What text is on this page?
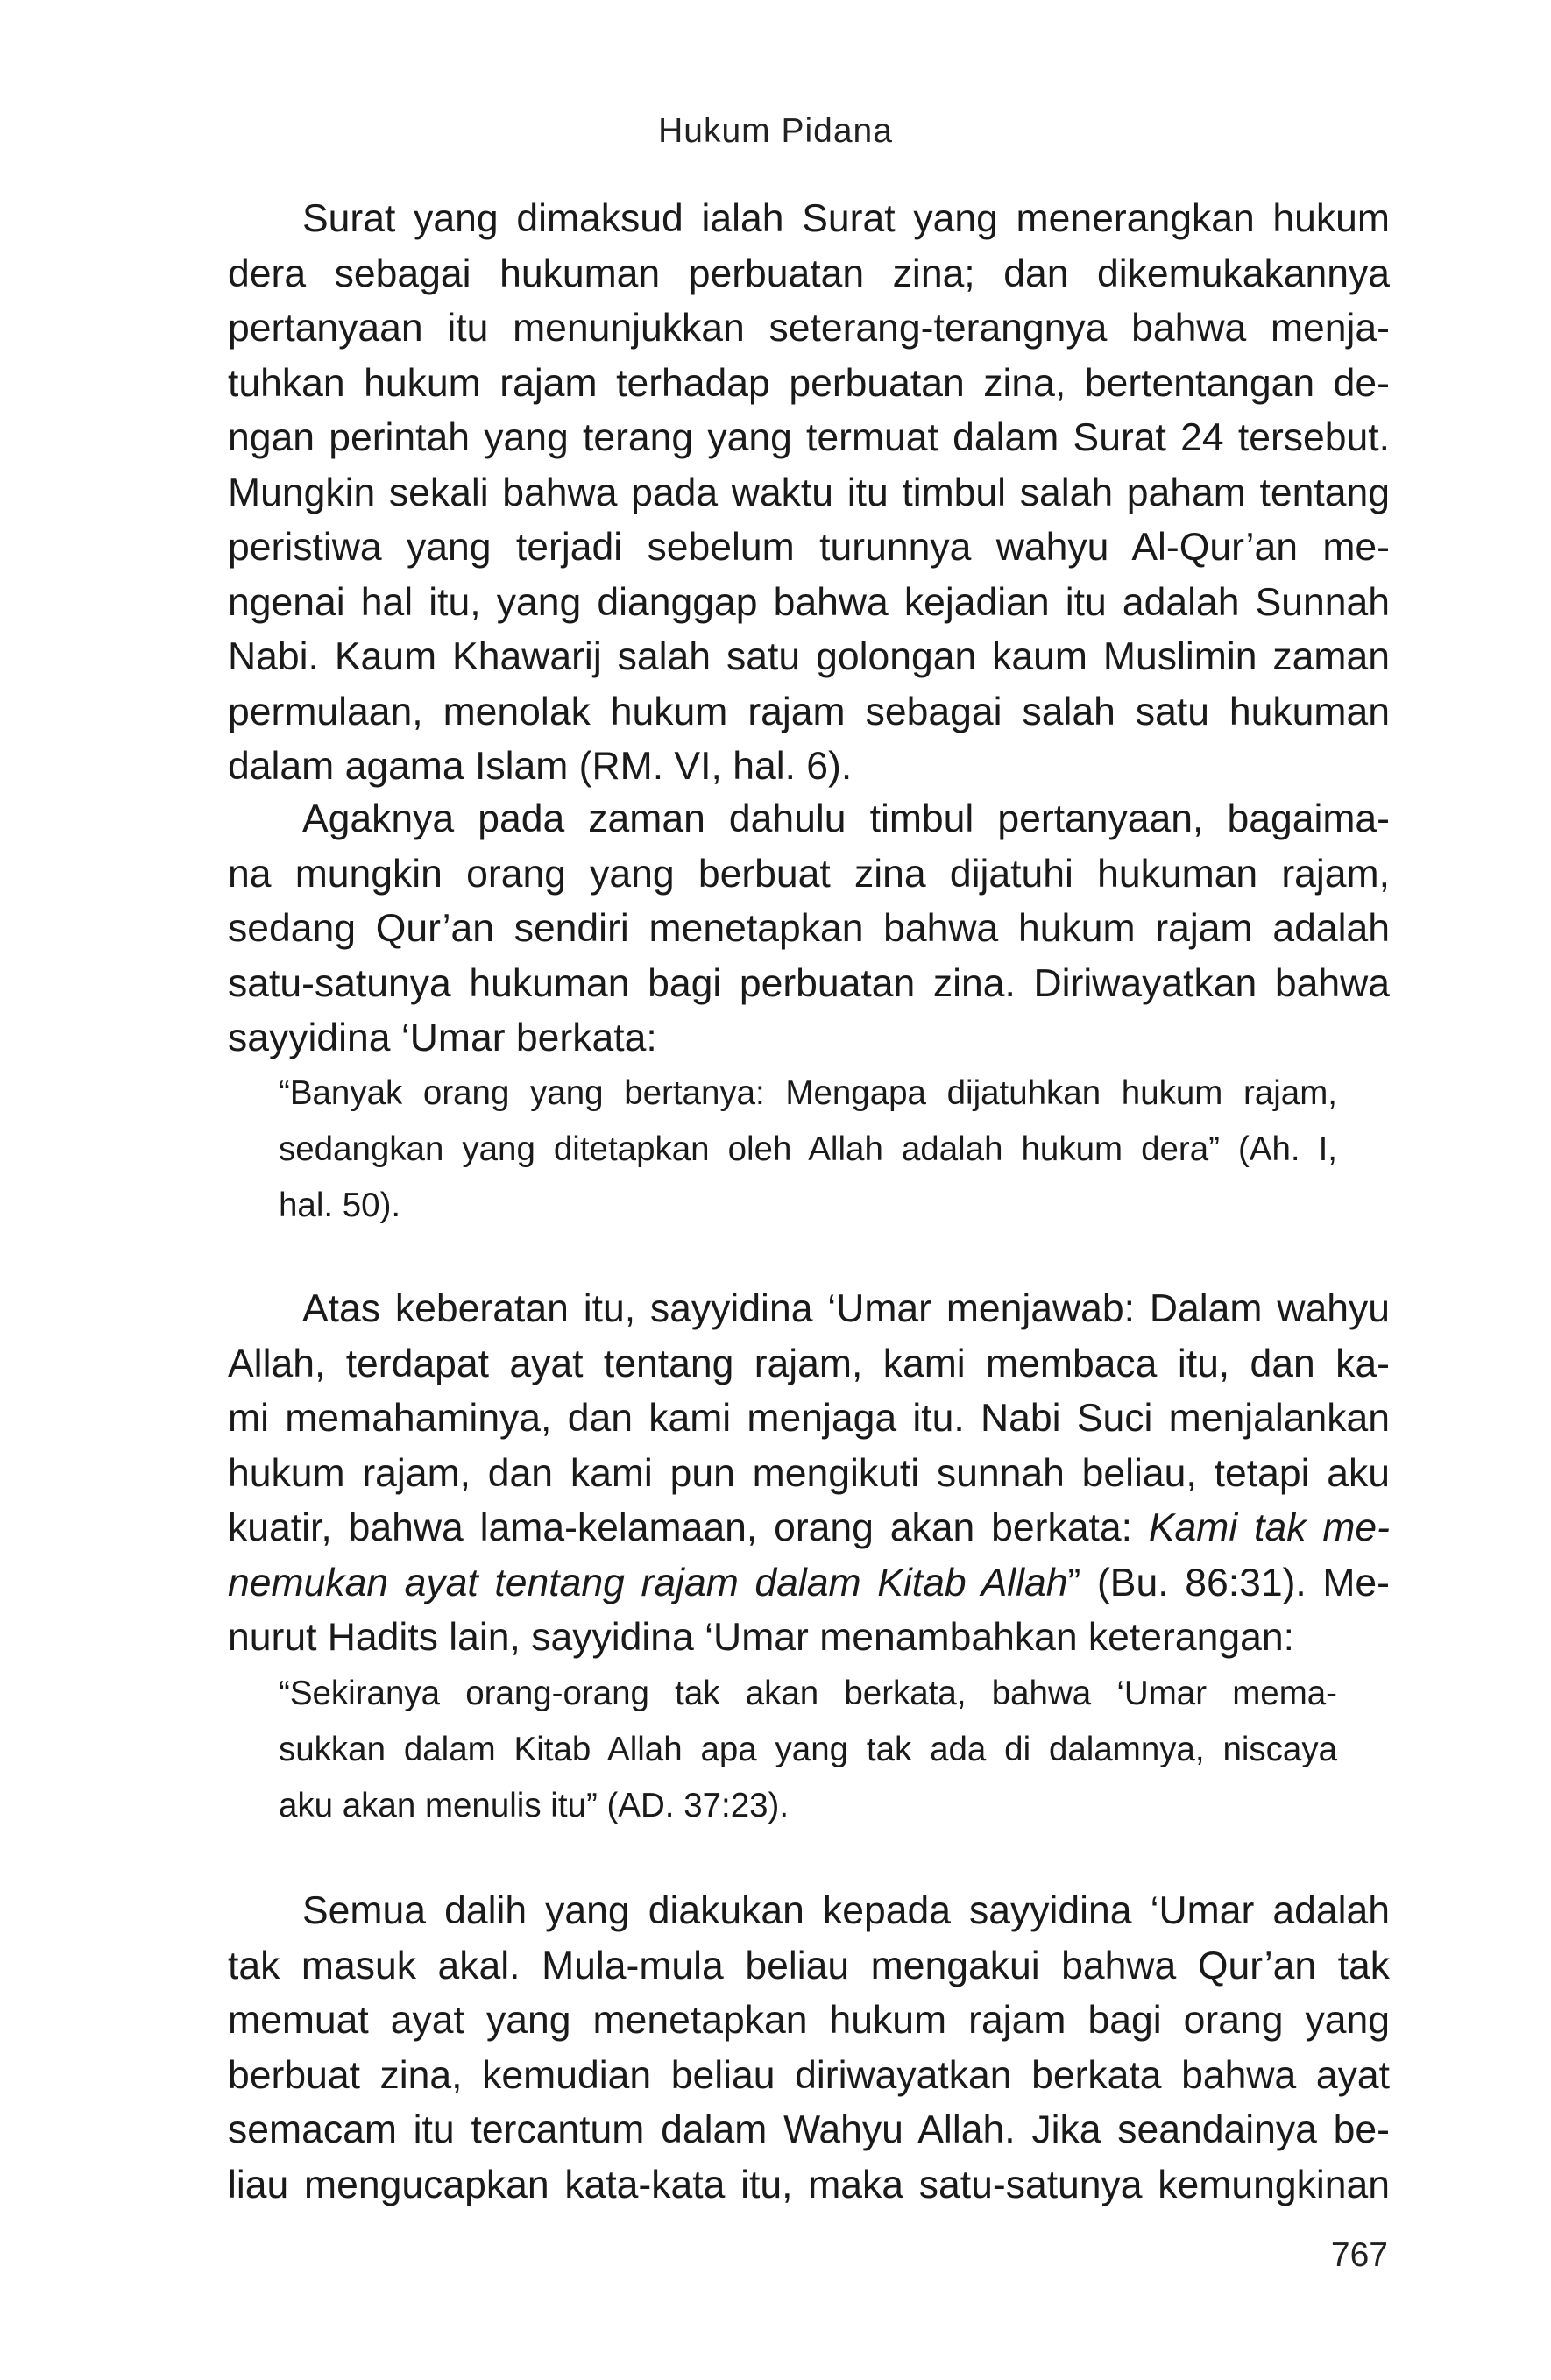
Hukum Pidana

Surat yang dimaksud ialah Surat yang menerangkan hukum
dera sebagai hukuman perbuatan zina; dan dikemukakannya
pertanyaan itu menunjukkan seterang-terangnya bahwa menja-
tuhkan hukum rajam terhadap perbuatan zina, bertentangan de-
ngan perintah yang terang yang termuat dalam Surat 24 tersebut.
Mungkin sekali bahwa pada waktu itu timbul salah paham tentang
peristiwa yang terjadi sebelum turunnya wahyu Al-Qur’an me-
ngenai hal itu, yang dianggap bahwa kejadian itu adalah Sunnah
Nabi. Kaum Khawarij salah satu golongan kaum Muslimin zaman
permulaan, menolak hukum rajam sebagai salah satu hukuman
dalam agama Islam (RM. VI, hal. 6).

Agaknya pada zaman dahulu timbul pertanyaan, bagaima-
na mungkin orang yang berbuat zina dijatuhi hukuman rajam,
sedang Qur’an sendiri menetapkan bahwa hukum rajam adalah
satu-satunya hukuman bagi perbuatan zina. Diriwayatkan bahwa
sayyidina ‘Umar berkata:

“Banyak orang yang bertanya: Mengapa dijatuhkan hukum rajam,
sedangkan yang ditetapkan oleh Allah adalah hukum dera” (Ah. I,
hal. 50).

Atas keberatan itu, sayyidina ‘Umar menjawab: Dalam wahyu
Allah, terdapat ayat tentang rajam, kami membaca itu, dan ka-
mi memahaminya, dan kami menjaga itu. Nabi Suci menjalankan
hukum rajam, dan kami pun mengikuti sunnah beliau, tetapi aku
kuatir, bahwa lama-kelamaan, orang akan berkata: Kami tak me-
nemukan ayat tentang rajam dalam Kitab Allah” (Bu. 86:31). Me-
nurut Hadits lain, sayyidina ‘Umar menambahkan keterangan:

“Sekiranya orang-orang tak akan berkata, bahwa ‘Umar mema-
sukkan dalam Kitab Allah apa yang tak ada di dalamnya, niscaya
aku akan menulis itu” (AD. 37:23).

Semua dalih yang diakukan kepada sayyidina ‘Umar adalah
tak masuk akal. Mula-mula beliau mengakui bahwa Qur’an tak
memuat ayat yang menetapkan hukum rajam bagi orang yang
berbuat zina, kemudian beliau diriwayatkan berkata bahwa ayat
semacam itu tercantum dalam Wahyu Allah. Jika seandainya be-
liau mengucapkan kata-kata itu, maka satu-satunya kemungkinan

767
